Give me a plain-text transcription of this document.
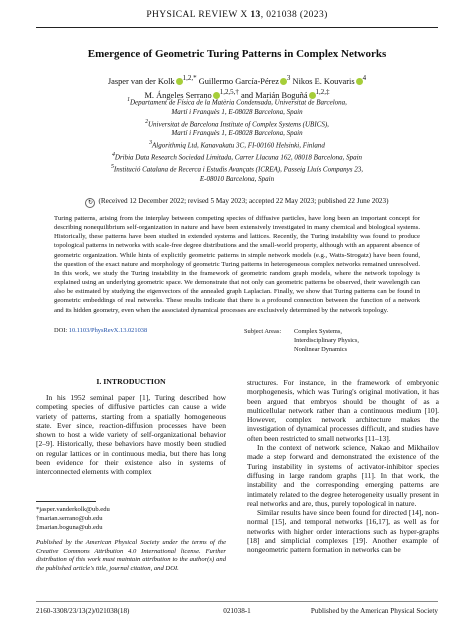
PHYSICAL REVIEW X 13, 021038 (2023)
Emergence of Geometric Turing Patterns in Complex Networks
Jasper van der Kolk $^{1,2,*}$ Guillermo García-Pérez $^3$ Nikos E. Kouvaris $^4$
M. Ángeles Serrano $^{1,2,5,\dagger}$ and Marián Boguñá $^{1,2,\ddagger}$
$^1$Departament de Física de la Matèria Condensada, Universitat de Barcelona,
Martí i Franquès 1, E-08028 Barcelona, Spain
$^2$Universitat de Barcelona Institute of Complex Systems (UBICS),
Martí i Franquès 1, E-08028 Barcelona, Spain
$^3$Algorithmiq Ltd, Kanavakatu 3C, FI-00160 Helsinki, Finland
$^4$Dribia Data Research Sociedad Limitada, Carrer Llacuna 162, 08018 Barcelona, Spain
$^5$Institució Catalana de Recerca i Estudis Avançats (ICREA), Passeig Lluís Companys 23,
E-08010 Barcelona, Spain
↻ (Received 12 December 2022; revised 5 May 2023; accepted 22 May 2023; published 22 June 2023)
Turing patterns, arising from the interplay between competing species of diffusive particles, have long been an important concept for describing nonequilibrium self-organization in nature and have been extensively investigated in many chemical and biological systems. Historically, these patterns have been studied in extended systems and lattices. Recently, the Turing instability was found to produce topological patterns in networks with scale-free degree distributions and the small-world property, although with an apparent absence of geometric organization. While hints of explicitly geometric patterns in simple network models (e.g., Watts-Strogatz) have been found, the question of the exact nature and morphology of geometric Turing patterns in heterogeneous complex networks remained unresolved. In this work, we study the Turing instability in the framework of geometric random graph models, where the network topology is explained using an underlying geometric space. We demonstrate that not only can geometric patterns be observed, their wavelength can also be estimated by studying the eigenvectors of the annealed graph Laplacian. Finally, we show that Turing patterns can be found in geometric embeddings of real networks. These results indicate that there is a profound connection between the function of a network and its hidden geometry, even when the associated dynamical processes are exclusively determined by the network topology.
DOI: 10.1103/PhysRevX.13.021038	Subject Areas:	Complex Systems,
Interdisciplinary Physics,
Nonlinear Dynamics
I. INTRODUCTION

In his 1952 seminal paper [1], Turing described how competing species of diffusive particles can cause a wide variety of patterns, starting from a spatially homogeneous state. Ever since, reaction-diffusion processes have been shown to host a wide variety of self-organizational behavior [2–9]. Historically, these behaviors have mostly been studied on regular lattices or in continuous media, but there has long been evidence for their existence also in systems of interconnected elements with complex

structures. For instance, in the framework of embryonic morphogenesis, which was Turing's original motivation, it has been argued that embryos should be thought of as a multicellular network rather than a continuous medium [10]. However, complex network architecture makes the investigation of dynamical processes difficult, and studies have often been restricted to small networks [11–13].

In the context of network science, Nakao and Mikhailov made a step forward and demonstrated the existence of the Turing instability in systems of activator-inhibitor species diffusing in large random graphs [11]. In that work, the instability and the corresponding emerging patterns are intimately related to the degree heterogeneity usually present in real networks and are, thus, purely topological in nature.

Similar results have since been found for directed [14], non-normal [15], and temporal networks [16,17], as well as for networks with higher order interactions such as hyper-graphs [18] and simplicial complexes [19]. Another example of nongeometric pattern formation in networks can be

*jasper.vanderkolk@ub.edu
†marian.serrano@ub.edu
‡marian.boguna@ub.edu
Published by the American Physical Society under the terms of the Creative Commons Attribution 4.0 International license. Further distribution of this work must maintain attribution to the author(s) and the published article's title, journal citation, and DOI.
2160-3308/23/13(2)/021038(18)	021038-1	Published by the American Physical Society
